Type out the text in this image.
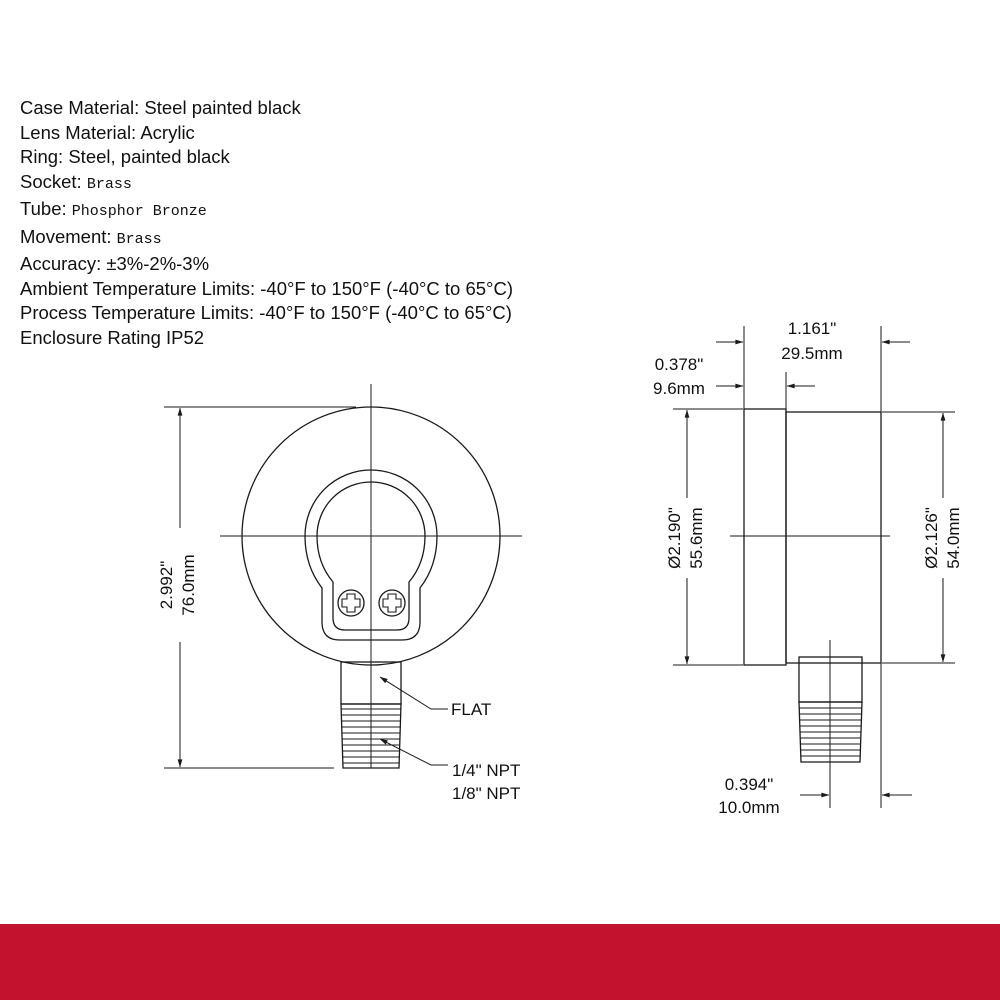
Case Material: Steel painted black
Lens Material: Acrylic
Ring: Steel, painted black
Socket: Brass
Tube: Phosphor Bronze
Movement: Brass
Accuracy: ±3%-2%-3%
Ambient Temperature Limits: -40°F to 150°F (-40°C to 65°C)
Process Temperature Limits: -40°F to 150°F (-40°C to 65°C)
Enclosure Rating IP52
2.992" 76.0mm
FLAT
1/4" NPT
1/8" NPT
1.161"
29.5mm
0.378"
9.6mm
Ø2.190" 55.6mm	Ø2.126" 54.0mm
0.394"
10.0mm
